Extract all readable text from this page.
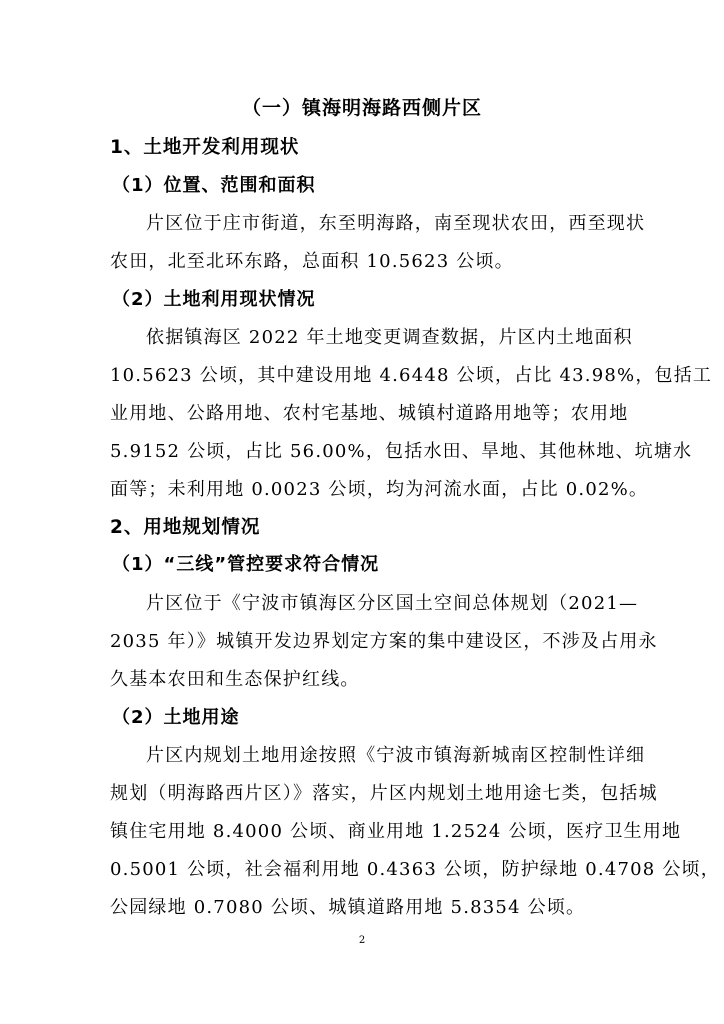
（一）镇海明海路西侧片区
1、土地开发利用现状
（1）位置、范围和面积
片区位于庄市街道，东至明海路，南至现状农田，西至现状
农田，北至北环东路，总面积 10.5623 公顷。
（2）土地利用现状情况
依据镇海区 2022 年土地变更调查数据，片区内土地面积
10.5623 公顷，其中建设用地 4.6448 公顷，占比 43.98%，包括工
业用地、公路用地、农村宅基地、城镇村道路用地等；农用地
5.9152 公顷，占比 56.00%，包括水田、旱地、其他林地、坑塘水
面等；未利用地 0.0023 公顷，均为河流水面，占比 0.02%。
2、用地规划情况
（1）“三线”管控要求符合情况
片区位于《宁波市镇海区分区国土空间总体规划（2021—
2035 年）》城镇开发边界划定方案的集中建设区，不涉及占用永
久基本农田和生态保护红线。
（2）土地用途
片区内规划土地用途按照《宁波市镇海新城南区控制性详细
规划（明海路西片区）》落实，片区内规划土地用途七类，包括城
镇住宅用地 8.4000 公顷、商业用地 1.2524 公顷，医疗卫生用地
0.5001 公顷，社会福利用地 0.4363 公顷，防护绿地 0.4708 公顷，
公园绿地 0.7080 公顷、城镇道路用地 5.8354 公顷。
2
